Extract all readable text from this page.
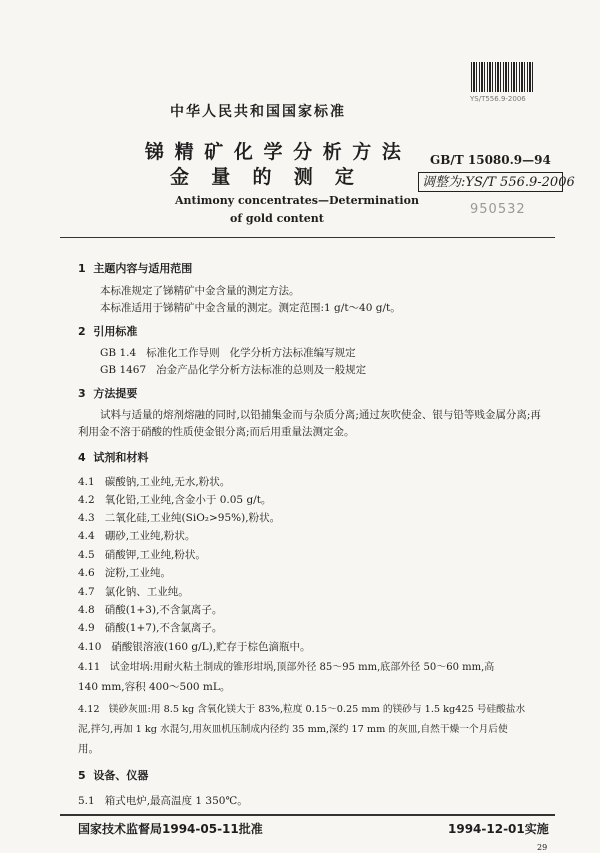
YS/T556.9-2006
中华人民共和国国家标准
锑 精 矿 化 学 分 析 方 法
金  量  的  测  定
Antimony concentrates—Determination
of gold content
GB/T 15080.9—94
调整为:YS/T 556.9-2006
950532
1  主题内容与适用范围
本标准规定了锑精矿中金含量的测定方法。
本标准适用于锑精矿中金含量的测定。测定范围:1 g/t～40 g/t。
2  引用标准
GB 1.4   标准化工作导则   化学分析方法标准编写规定
GB 1467   冶金产品化学分析方法标准的总则及一般规定
3  方法提要
试料与适量的熔剂熔融的同时,以铅捕集金而与杂质分离;通过灰吹使金、银与铅等贱金属分离;再
利用金不溶于硝酸的性质使金银分离;而后用重量法测定金。
4  试剂和材料
4.1   碳酸钠,工业纯,无水,粉状。
4.2   氧化铅,工业纯,含金小于 0.05 g/t。
4.3   二氧化硅,工业纯(SiO₂>95%),粉状。
4.4   硼砂,工业纯,粉状。
4.5   硝酸钾,工业纯,粉状。
4.6   淀粉,工业纯。
4.7   氯化钠、工业纯。
4.8   硝酸(1+3),不含氯离子。
4.9   硝酸(1+7),不含氯离子。
4.10   硝酸银溶液(160 g/L),贮存于棕色滴瓶中。
4.11   试金坩埚:用耐火粘土制成的锥形坩埚,顶部外径 85～95 mm,底部外径 50～60 mm,高
140 mm,容积 400～500 mL。
4.12   镁砂灰皿:用 8.5 kg 含氧化镁大于 83%,粒度 0.15～0.25 mm 的镁砂与 1.5 kg425 号硅酸盐水
泥,拌匀,再加 1 kg 水混匀,用灰皿机压制成内径约 35 mm,深约 17 mm 的灰皿,自然干燥一个月后使
用。
5  设备、仪器
5.1   箱式电炉,最高温度 1 350℃。
国家技术监督局1994-05-11批准	1994-12-01实施
29
